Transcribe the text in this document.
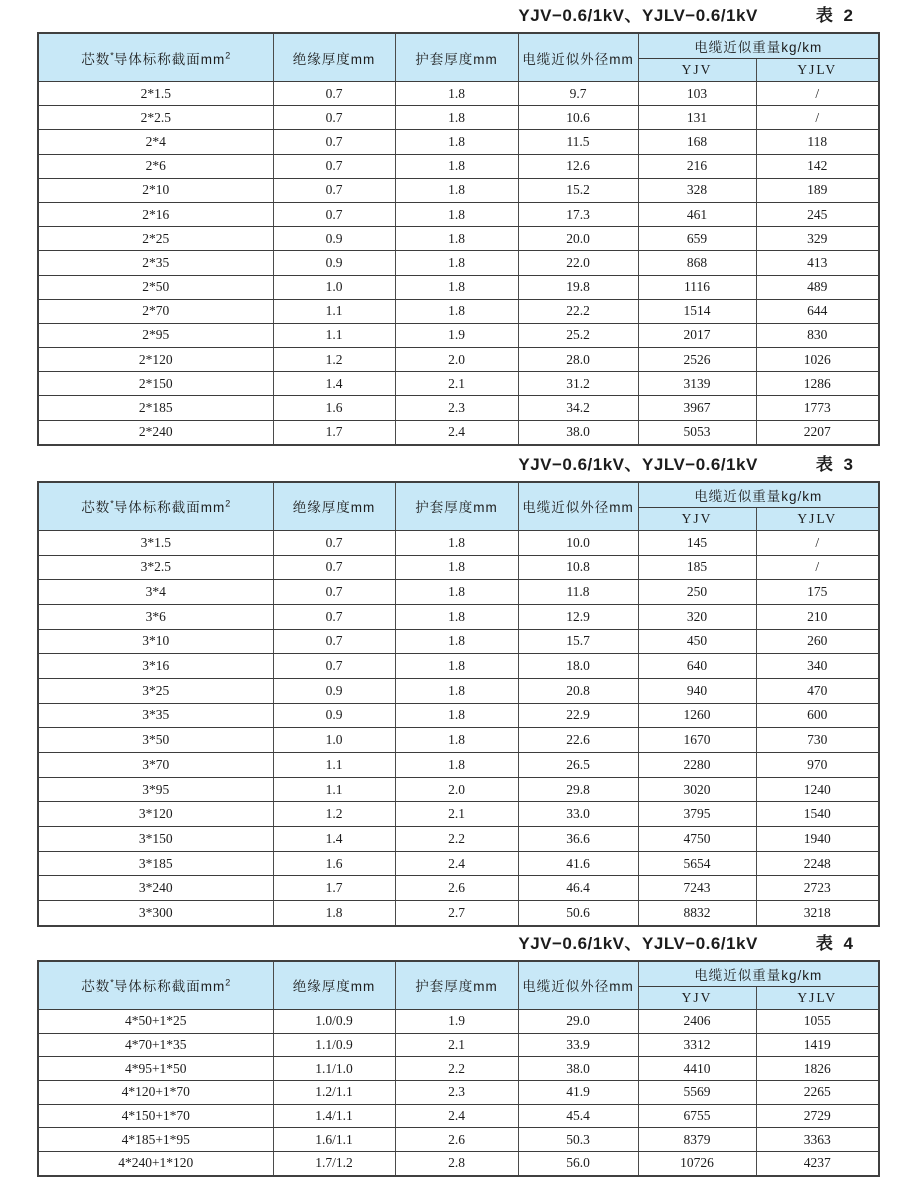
YJV−0.6/1kV、YJLV−0.6/1kV	表 2
芯数*导体标称截面$mm^2$	绝缘厚度mm	护套厚度mm	电缆近似外径mm	电缆近似重量kg/km	
				YJV	YJLV
2*1.5	0.7	1.8	9.7	103	/
2*2.5	0.7	1.8	10.6	131	/
2*4	0.7	1.8	11.5	168	118
2*6	0.7	1.8	12.6	216	142
2*10	0.7	1.8	15.2	328	189
2*16	0.7	1.8	17.3	461	245
2*25	0.9	1.8	20.0	659	329
2*35	0.9	1.8	22.0	868	413
2*50	1.0	1.8	19.8	1116	489
2*70	1.1	1.8	22.2	1514	644
2*95	1.1	1.9	25.2	2017	830
2*120	1.2	2.0	28.0	2526	1026
2*150	1.4	2.1	31.2	3139	1286
2*185	1.6	2.3	34.2	3967	1773
2*240	1.7	2.4	38.0	5053	2207
YJV−0.6/1kV、YJLV−0.6/1kV	表 3
芯数*导体标称截面$mm^2$	绝缘厚度mm	护套厚度mm	电缆近似外径mm	电缆近似重量kg/km	
				YJV	YJLV
3*1.5	0.7	1.8	10.0	145	/
3*2.5	0.7	1.8	10.8	185	/
3*4	0.7	1.8	11.8	250	175
3*6	0.7	1.8	12.9	320	210
3*10	0.7	1.8	15.7	450	260
3*16	0.7	1.8	18.0	640	340
3*25	0.9	1.8	20.8	940	470
3*35	0.9	1.8	22.9	1260	600
3*50	1.0	1.8	22.6	1670	730
3*70	1.1	1.8	26.5	2280	970
3*95	1.1	2.0	29.8	3020	1240
3*120	1.2	2.1	33.0	3795	1540
3*150	1.4	2.2	36.6	4750	1940
3*185	1.6	2.4	41.6	5654	2248
3*240	1.7	2.6	46.4	7243	2723
3*300	1.8	2.7	50.6	8832	3218
YJV−0.6/1kV、YJLV−0.6/1kV	表 4
芯数*导体标称截面$mm^2$	绝缘厚度mm	护套厚度mm	电缆近似外径mm	电缆近似重量kg/km	
				YJV	YJLV
4*50+1*25	1.0/0.9	1.9	29.0	2406	1055
4*70+1*35	1.1/0.9	2.1	33.9	3312	1419
4*95+1*50	1.1/1.0	2.2	38.0	4410	1826
4*120+1*70	1.2/1.1	2.3	41.9	5569	2265
4*150+1*70	1.4/1.1	2.4	45.4	6755	2729
4*185+1*95	1.6/1.1	2.6	50.3	8379	3363
4*240+1*120	1.7/1.2	2.8	56.0	10726	4237
